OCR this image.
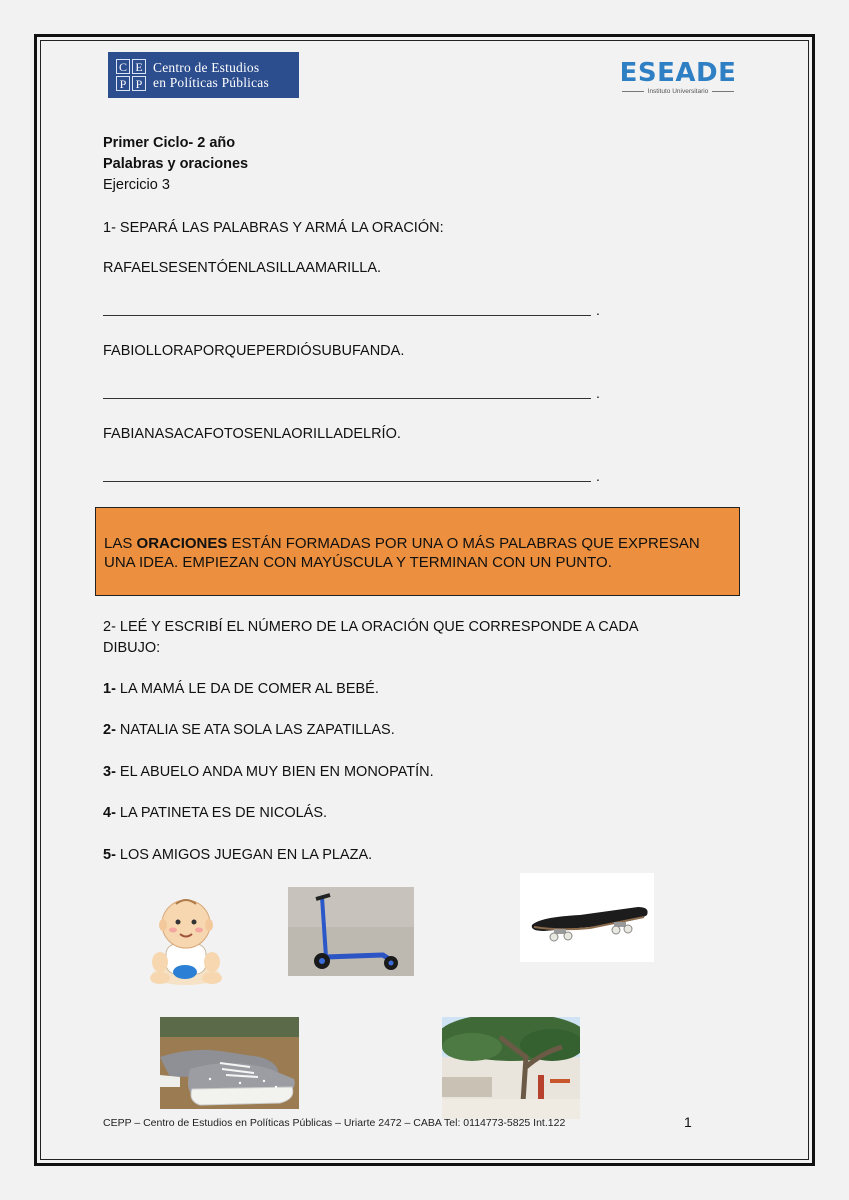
C E
P P
Centro de Estudios
en Políticas Públicas	ESEADE
Instituto Universitario
Primer Ciclo- 2 año
Palabras y oraciones
Ejercicio 3
1- SEPARÁ LAS PALABRAS Y ARMÁ LA ORACIÓN:
RAFAELSESENTÓENLASILLAAMARILLA.
.
FABIOLLORAPORQUEPERDIÓSUBUFANDA.
.
FABIANASACAFOTOSENLAORILLADELRÍO.
.
LAS ORACIONES ESTÁN FORMADAS POR UNA O MÁS PALABRAS QUE EXPRESAN UNA IDEA. EMPIEZAN CON MAYÚSCULA Y TERMINAN CON UN PUNTO.
2- LEÉ Y ESCRIBÍ EL NÚMERO DE LA ORACIÓN QUE CORRESPONDE A CADA
DIBUJO:
1- LA MAMÁ LE DA DE COMER AL BEBÉ.
2- NATALIA SE ATA SOLA LAS ZAPATILLAS.
3- EL ABUELO ANDA MUY BIEN EN MONOPATÍN.
4- LA PATINETA ES DE NICOLÁS.
5- LOS AMIGOS JUEGAN EN LA PLAZA.
CEPP – Centro de Estudios en Políticas Públicas – Uriarte 2472 – CABA Tel: 0114773-5825 Int.122	1
